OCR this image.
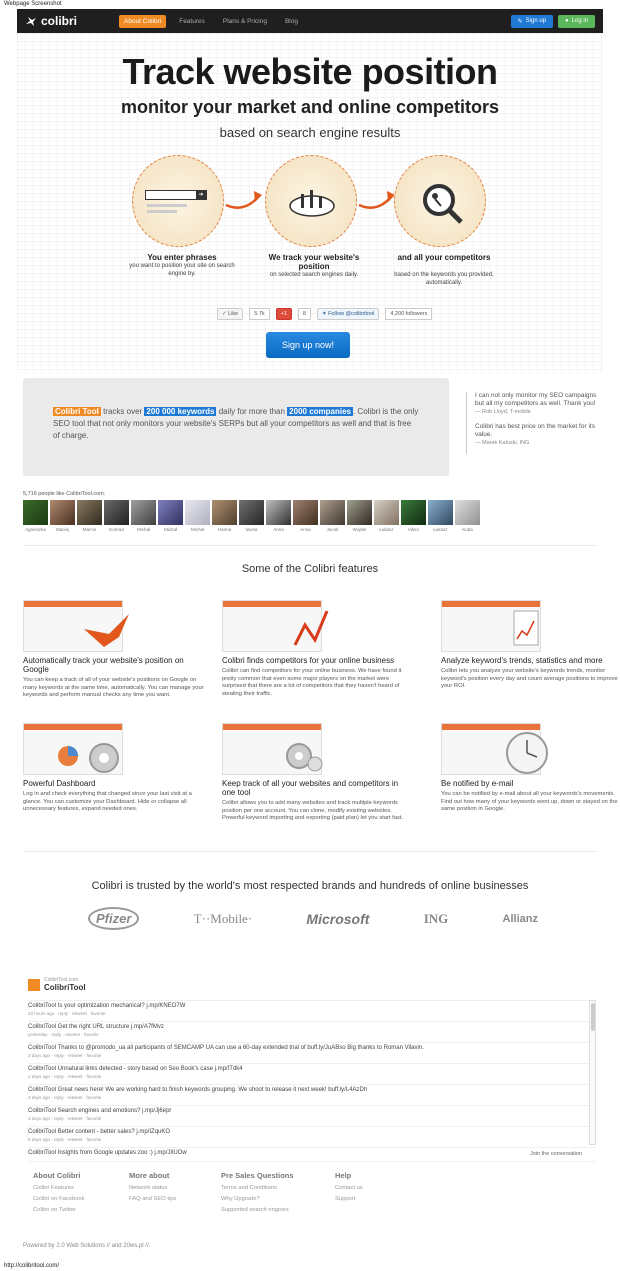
Webpage Screenshot
colibri	About Colibri	Features	Plans & Pricing	Blog	✎ Sign up	● Log in
Track website position
monitor your market and online competitors
based on search engine results
➜
You enter phrases
you want to position your site on search engine by.
We track your website's position
on selected search engines daily.
and all your competitors
based on the keywords you provided, automatically.
✓ Like	5.7k	+1	8	✦ Follow @colibritool	4,200 followers
Sign up now!
Colibri Tool tracks over 200 000 keywords daily for more than 2000 companies . Colibri is the only SEO tool that not only monitors your website's SERPs but all your competitors as well and that is free of charge.
I can not only monitor my SEO campaigns but all my competitors as well. Thank you!
— Rob Lloyd, T-mobile
Colibri has best price on the market for its value.
— Marek Kaluski, ING
5,716 people like ColibriTool.com.
Agnieszka	Maciej	Marcin	Konrad	Michał	Michał	Michał	Hanna	Iwona	Anna	Anna	Jacek	Wojtek	Łukasz	Viktor	Łukasz	Kuba
Some of the Colibri features
Automatically track your website's position on Google
You can keep a track of all of your website's positions on Google on many keywords at the same time, automatically. You can manage your keywords and perform manual checks any time you want.
Colibri finds competitors for your online business
Colibri can find competitors for your online business. We have found it pretty common that even some major players on the market were surprised that there are a lot of competitors that they haven't heard of stealing their traffic.
Analyze keyword's trends, statistics and more
Colibri lets you analyze your website's keywords trends, monitor keyword's position every day and count average positions to improve your ROI.
Powerful Dashboard
Log in and check everything that changed since your last visit at a glance. You can customize your Dashboard. Hide or collapse all unnecessary features, expand needed ones.
Keep track of all your websites and competitors in one tool
Colibri allows you to add many websites and track multiple keywords position per one account. You can clone, modify existing websites. Powerful keyword importing and exporting (paid plan) let you start fast.
Be notified by e-mail
You can be notified by e-mail about all your keywords's movements. Find out how many of your keywords went up, down or stayed on the same position in Google.
Colibri is trusted by the world's most respected brands and hundreds of online businesses
Pfizer	T··Mobile·	Microsoft	ING	Allianz
ColibriTool.com
ColibriTool
ColibriTool Is your optimization mechanical? j.mp/KNEO7W
23 hours ago · reply · retweet · favorite
ColibriTool Get the right URL structure j.mp/A7fMvz
yesterday · reply · retweet · favorite
ColibriTool Thanks to @promodo_ua all participants of SEMCAMP UA can use a 60-day extended trial of buff.ly/JuABso Big thanks to Roman Vilavin.
2 days ago · reply · retweet · favorite
ColibriTool Unnatural links detected - story based on Seo Book's case j.mp/ITdk4
2 days ago · reply · retweet · favorite
ColibriTool Great news here! We are working hard to finish keywords grouping. We shoot to release it next week! buff.ly/L4AzDh
3 days ago · reply · retweet · favorite
ColibriTool Search engines and emotions? j.mp/Jj6epr
3 days ago · reply · retweet · favorite
ColibriTool Better content - better sales? j.mp/IZquKO
5 days ago · reply · retweet · favorite
ColibriTool Insights from Google updates zoo :) j.mp/JIlUOw	Join the conversation
About Colibri
Colibri Features
Colibri on Facebook
Colibri on Twitter
More about
Network status
FAQ and SEO tips
Pre Sales Questions
Terms and Conditions
Why Upgrade?
Supported search engines
Help
Contact us
Support
Powered by 2.0 Web Solutions // and 20ws.pl //.
http://colibritool.com/
